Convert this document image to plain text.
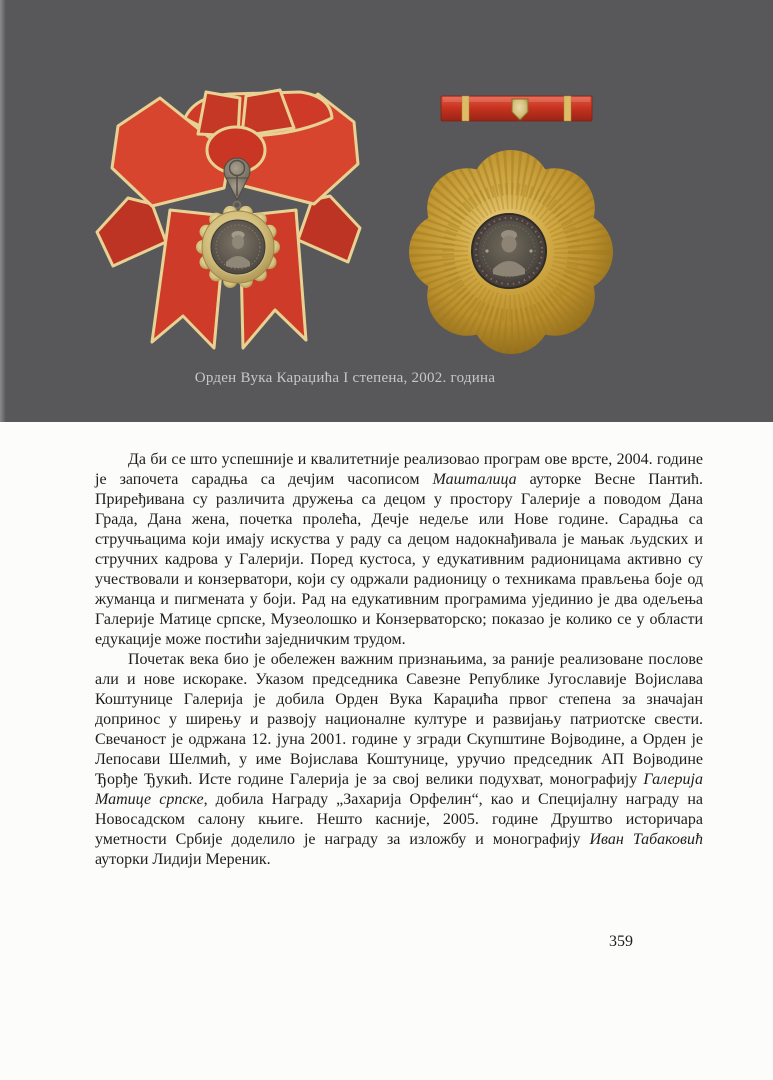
Орден Вука Караџића I степена, 2002. година

Да би се што успешније и квалитетније реализовао програм ове врсте, 2004. године је започета сарадња са дечјим часописом Машталица ауторке Весне Пантић. Приређивана су различита дружења са децом у простору Галерије а поводом Дана Града, Дана жена, почетка пролећа, Дечје недеље или Нове године. Сарадња са стручњацима који имају искуства у раду са децом надокнађивала је мањак људских и стручних кадрова у Галерији. Поред кустоса, у едукативним радионицама активно су учествовали и конзерватори, који су одржали радионицу о техникама прављења боје од жуманца и пигмената у боји. Рад на едукативним програмима ујединио је два одељења Галерије Матице српске, Музеолошко и Конзерваторско; показао је колико се у области едукације може постићи заједничким трудом.

Почетак века био је обележен важним признањима, за раније реализоване послове али и нове искораке. Указом председника Савезне Републике Југославије Војислава Коштунице Галерија је добила Орден Вука Караџића првог степена за значајан допринос у ширењу и развоју националне културе и развијању патриотске свести. Свечаност је одржана 12. јуна 2001. године у згради Скупштине Војводине, а Орден је Лепосави Шелмић, у име Војислава Коштунице, уручио председник АП Војводине Ђорђе Ђукић. Исте године Галерија је за свој велики подухват, монографију Галерија Матице српске, добила Награду „Захарија Орфелин“, као и Специјалну награду на Новосадском салону књиге. Нешто касније, 2005. године Друштво историчара уметности Србије доделило је награду за изложбу и монографију Иван Табаковић ауторки Лидији Мереник.

359
